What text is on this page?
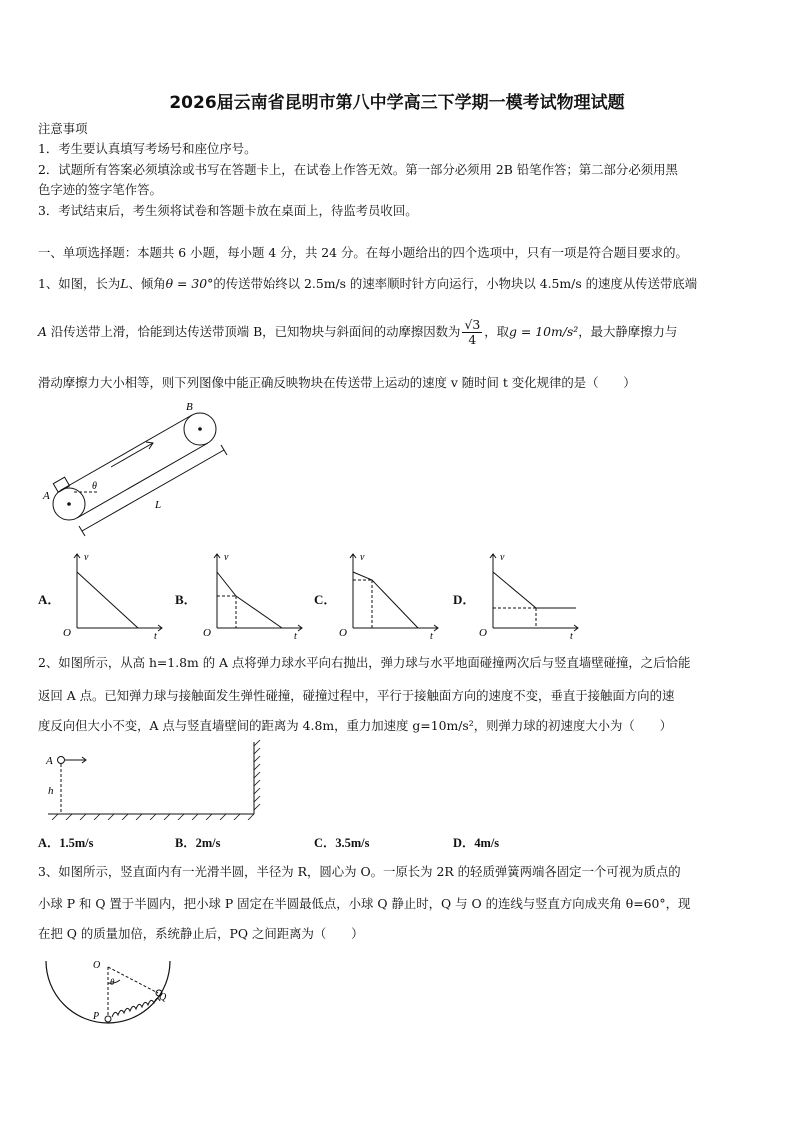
2026届云南省昆明市第八中学高三下学期一模考试物理试题
注意事项
1．考生要认真填写考场号和座位序号。
2．试题所有答案必须填涂或书写在答题卡上，在试卷上作答无效。第一部分必须用 2B 铅笔作答；第二部分必须用黑
色字迹的签字笔作答。
3．考试结束后，考生须将试卷和答题卡放在桌面上，待监考员收回。
一、单项选择题：本题共 6 小题，每小题 4 分，共 24 分。在每小题给出的四个选项中，只有一项是符合题目要求的。
1、如图，长为L、倾角θ = 30°的传送带始终以 2.5m/s 的速率顺时针方向运行，小物块以 4.5m/s 的速度从传送带底端
A 沿传送带上滑，恰能到达传送带顶端 B，已知物块与斜面间的动摩擦因数为 $\frac{√3}{4}$ ，取g = 10m/s²，最大静摩擦力与
滑动摩擦力大小相等，则下列图像中能正确反映物块在传送带上运动的速度 v 随时间 t 变化规律的是（　　）
A
B
θ
L
A．	B．	C．	D．
v
t
O
v
t
O
v
t
O
v
t
O
2、如图所示，从高 h=1.8m 的 A 点将弹力球水平向右抛出，弹力球与水平地面碰撞两次后与竖直墙壁碰撞，之后恰能
返回 A 点。已知弹力球与接触面发生弹性碰撞，碰撞过程中，平行于接触面方向的速度不变，垂直于接触面方向的速
度反向但大小不变，A 点与竖直墙壁间的距离为 4.8m，重力加速度 g=10m/s²，则弹力球的初速度大小为（　　）
A
h
A．1.5m/s	B．2m/s	C．3.5m/s	D．4m/s
3、如图所示，竖直面内有一光滑半圆，半径为 R，圆心为 O。一原长为 2R 的轻质弹簧两端各固定一个可视为质点的
小球 P 和 Q 置于半圆内，把小球 P 固定在半圆最低点，小球 Q 静止时，Q 与 O 的连线与竖直方向成夹角 θ=60°，现
在把 Q 的质量加倍，系统静止后，PQ 之间距离为（　　）
O
θ
Q
P
